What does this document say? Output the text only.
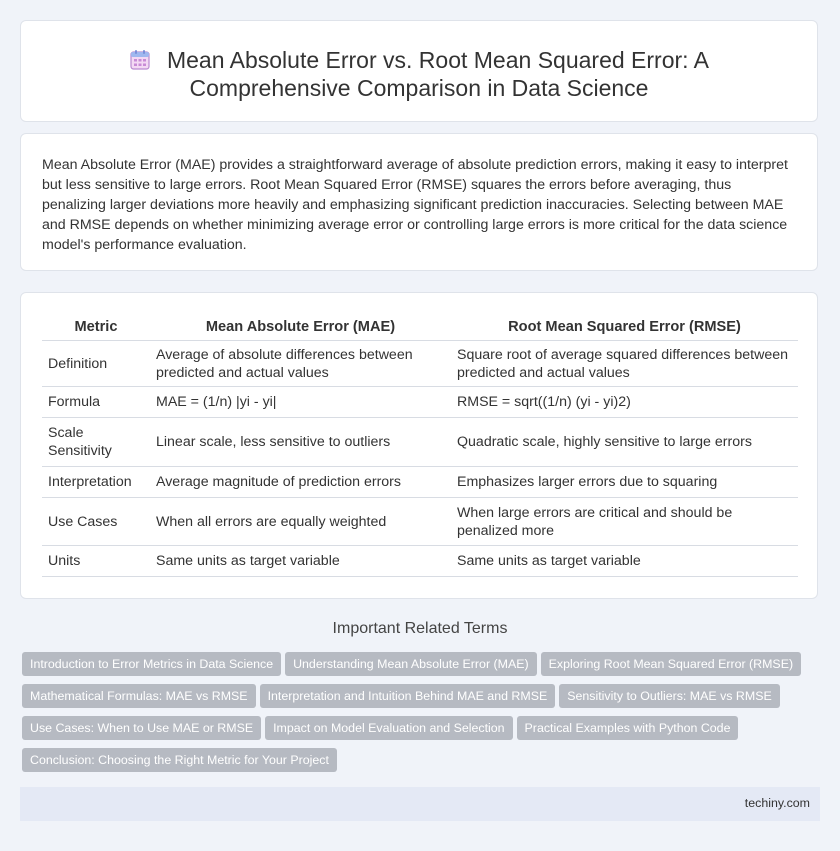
Mean Absolute Error vs. Root Mean Squared Error: A
Comprehensive Comparison in Data Science
Mean Absolute Error (MAE) provides a straightforward average of absolute prediction errors, making it easy to interpret but less sensitive to large errors. Root Mean Squared Error (RMSE) squares the errors before averaging, thus penalizing larger deviations more heavily and emphasizing significant prediction inaccuracies. Selecting between MAE and RMSE depends on whether minimizing average error or controlling large errors is more critical for the data science model's performance evaluation.
Metric	Mean Absolute Error (MAE)	Root Mean Squared Error (RMSE)
Definition	Average of absolute differences between predicted and actual values	Square root of average squared differences between predicted and actual values
Formula	MAE = (1/n) |yi - yi|	RMSE = sqrt((1/n) (yi - yi)2)
Scale Sensitivity	Linear scale, less sensitive to outliers	Quadratic scale, highly sensitive to large errors
Interpretation	Average magnitude of prediction errors	Emphasizes larger errors due to squaring
Use Cases	When all errors are equally weighted	When large errors are critical and should be penalized more
Units	Same units as target variable	Same units as target variable
Important Related Terms
Introduction to Error Metrics in Data Science Understanding Mean Absolute Error (MAE) Exploring Root Mean Squared Error (RMSE)
Mathematical Formulas: MAE vs RMSE Interpretation and Intuition Behind MAE and RMSE Sensitivity to Outliers: MAE vs RMSE
Use Cases: When to Use MAE or RMSE Impact on Model Evaluation and Selection Practical Examples with Python Code
Conclusion: Choosing the Right Metric for Your Project
techiny.com
